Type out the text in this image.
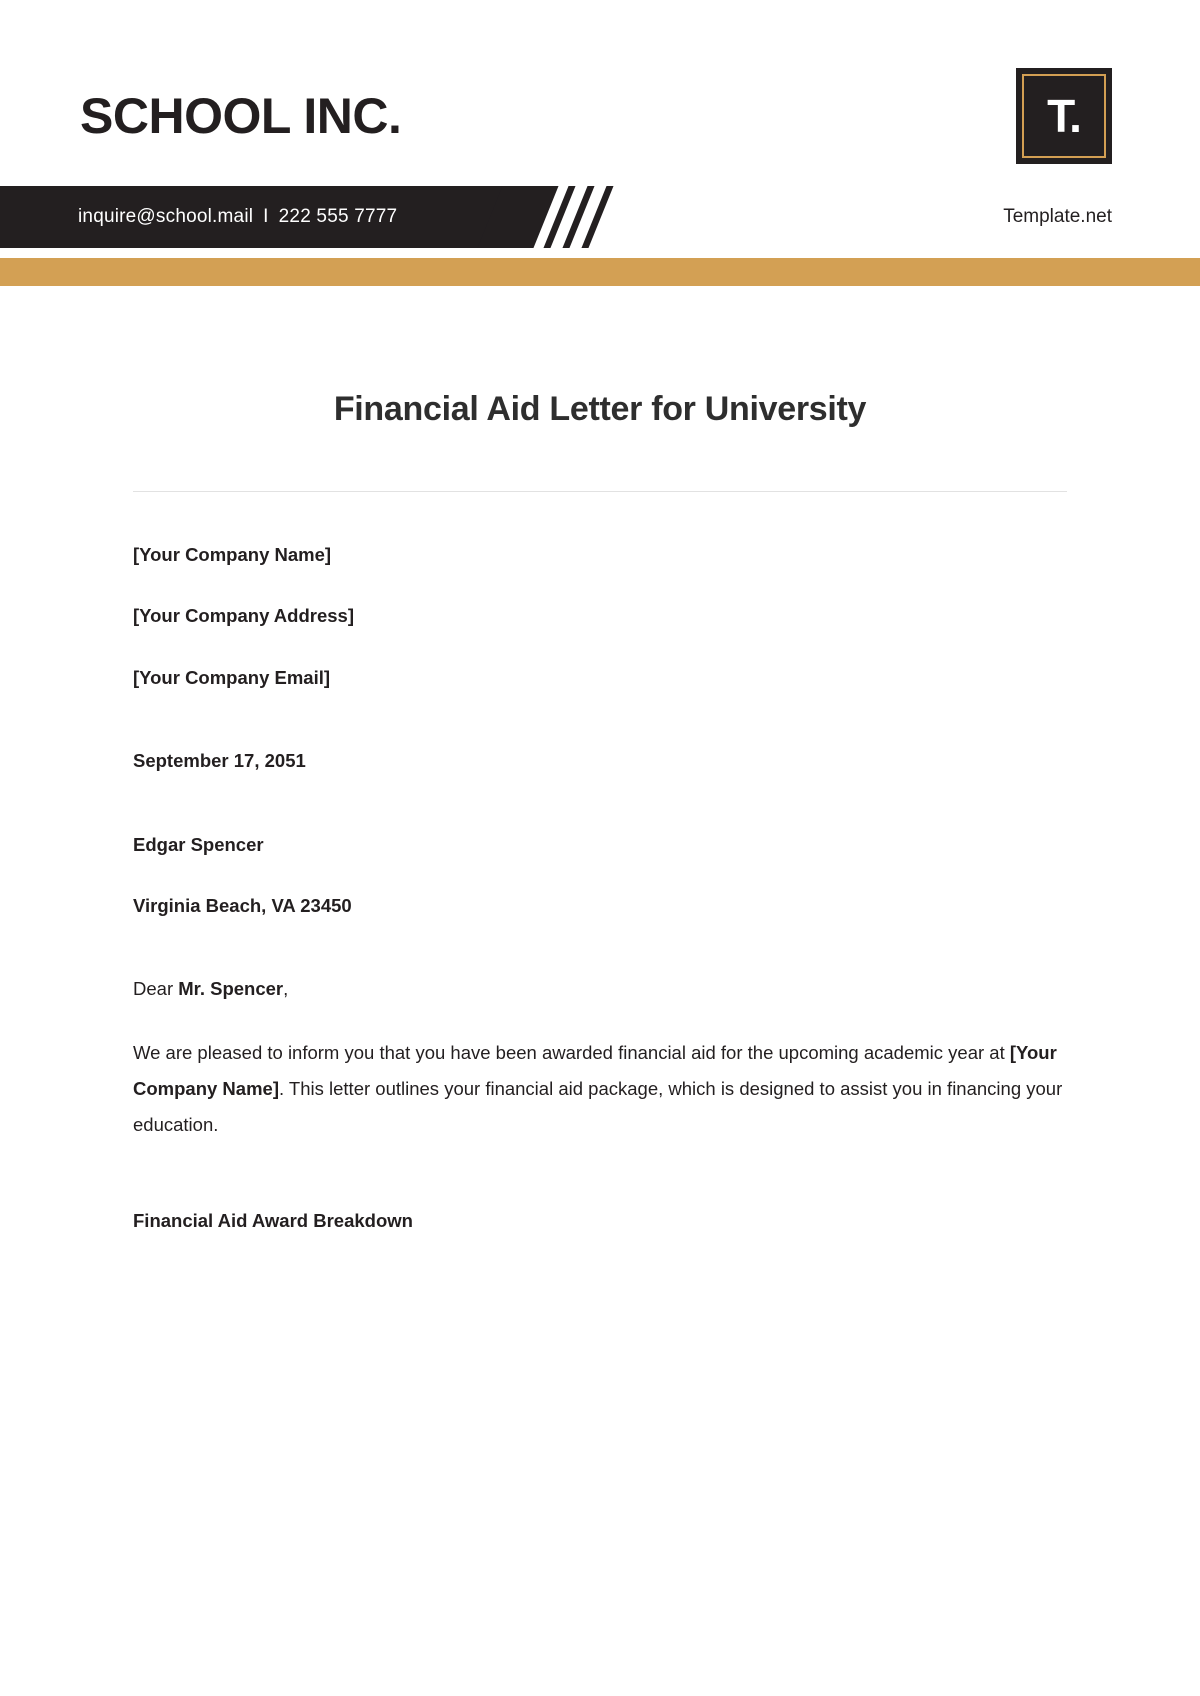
SCHOOL INC.	T.
inquire@school.mail I 222 555 7777	Template.net
Financial Aid Letter for University

[Your Company Name]

[Your Company Address]

[Your Company Email]

September 17, 2051

Edgar Spencer

Virginia Beach, VA 23450

Dear Mr. Spencer,

We are pleased to inform you that you have been awarded financial aid for the upcoming academic year at [Your Company Name]. This letter outlines your financial aid package, which is designed to assist you in financing your education.

Financial Aid Award Breakdown
